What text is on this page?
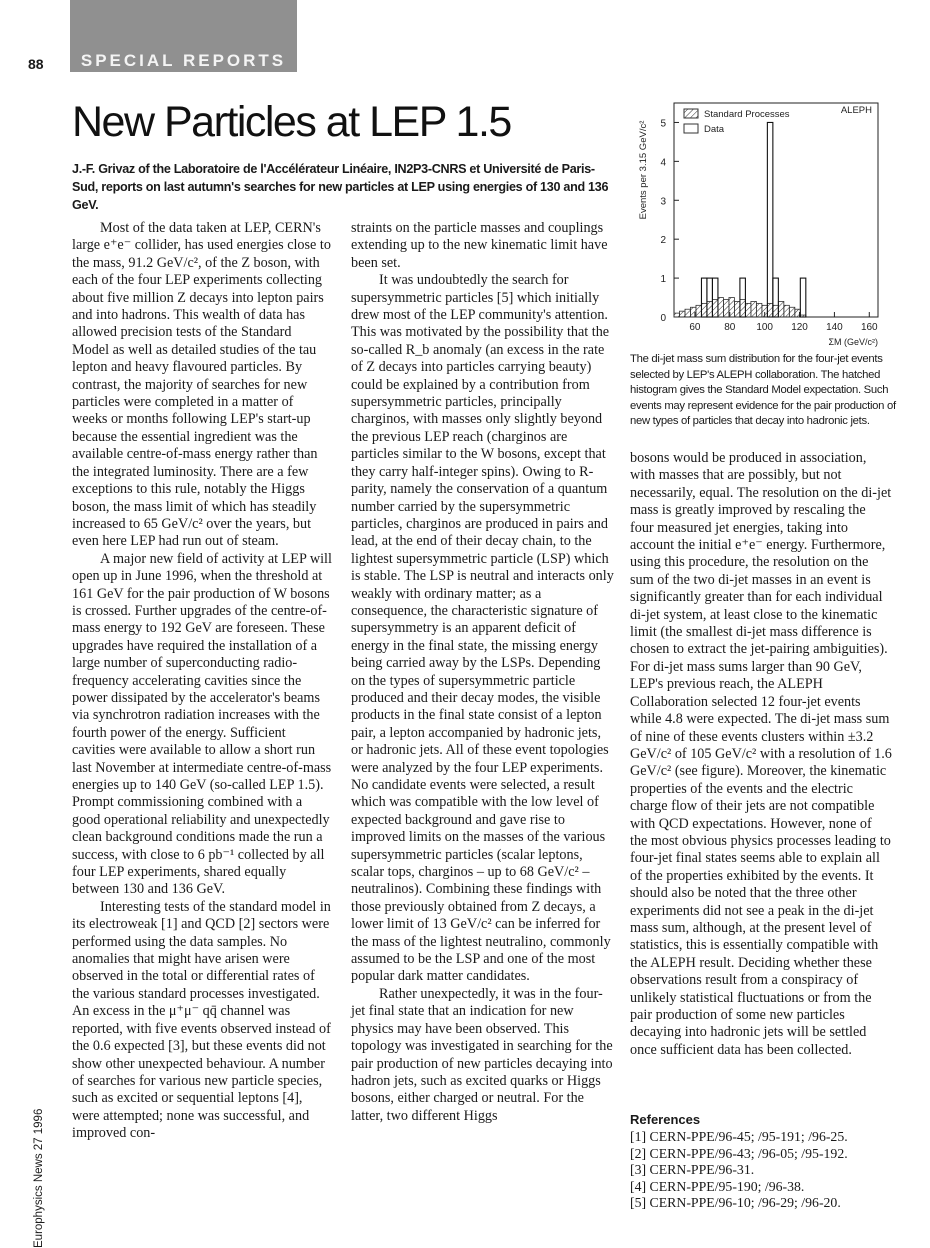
88	SPECIAL REPORTS
New Particles at LEP 1.5

J.-F. Grivaz of the Laboratoire de l'Accélérateur Linéaire, IN2P3-CNRS et Université de Paris-Sud, reports on last autumn's searches for new particles at LEP using energies of 130 and 136 GeV.

0
1
2
3
4
5
60 80 100 120 140 160
Standard Processes
Data
ALEPH
ΣM (GeV/c²)
Events per 3.15 GeV/c²

The di-jet mass sum distribution for the four-jet events selected by LEP's ALEPH collaboration. The hatched histogram gives the Standard Model expectation. Such events may represent evidence for the pair production of new types of particles that decay into hadronic jets.

Most of the data taken at LEP, CERN's large e⁺e⁻ collider, has used energies close to the mass, 91.2 GeV/c², of the Z boson, with each of the four LEP experiments collecting about five million Z decays into lepton pairs and into hadrons. This wealth of data has allowed precision tests of the Standard Model as well as detailed studies of the tau lepton and heavy flavoured particles. By contrast, the majority of searches for new particles were completed in a matter of weeks or months following LEP's start-up because the essential ingredient was the available centre-of-mass energy rather than the integrated luminosity. There are a few exceptions to this rule, notably the Higgs boson, the mass limit of which has steadily increased to 65 GeV/c² over the years, but even here LEP had run out of steam.

A major new field of activity at LEP will open up in June 1996, when the threshold at 161 GeV for the pair production of W bosons is crossed. Further upgrades of the centre-of-mass energy to 192 GeV are foreseen. These upgrades have required the installation of a large number of superconducting radio-frequency accelerating cavities since the power dissipated by the accelerator's beams via synchrotron radiation increases with the fourth power of the energy. Sufficient cavities were available to allow a short run last November at intermediate centre-of-mass energies up to 140 GeV (so-called LEP 1.5). Prompt commissioning combined with a good operational reliability and unexpectedly clean background conditions made the run a success, with close to 6 pb⁻¹ collected by all four LEP experiments, shared equally between 130 and 136 GeV.

Interesting tests of the standard model in its electroweak [1] and QCD [2] sectors were performed using the data samples. No anomalies that might have arisen were observed in the total or differential rates of the various standard processes investigated. An excess in the μ⁺μ⁻ qq̄ channel was reported, with five events observed instead of the 0.6 expected [3], but these events did not show other unexpected behaviour. A number of searches for various new particle species, such as excited or sequential leptons [4], were attempted; none was successful, and improved con-

straints on the particle masses and couplings extending up to the new kinematic limit have been set.

It was undoubtedly the search for supersymmetric particles [5] which initially drew most of the LEP community's attention. This was motivated by the possibility that the so-called R_b anomaly (an excess in the rate of Z decays into particles carrying beauty) could be explained by a contribution from supersymmetric particles, principally charginos, with masses only slightly beyond the previous LEP reach (charginos are particles similar to the W bosons, except that they carry half-integer spins). Owing to R-parity, namely the conservation of a quantum number carried by the supersymmetric particles, charginos are produced in pairs and lead, at the end of their decay chain, to the lightest supersymmetric particle (LSP) which is stable. The LSP is neutral and interacts only weakly with ordinary matter; as a consequence, the characteristic signature of supersymmetry is an apparent deficit of energy in the final state, the missing energy being carried away by the LSPs. Depending on the types of supersymmetric particle produced and their decay modes, the visible products in the final state consist of a lepton pair, a lepton accompanied by hadronic jets, or hadronic jets. All of these event topologies were analyzed by the four LEP experiments. No candidate events were selected, a result which was compatible with the low level of expected background and gave rise to improved limits on the masses of the various supersymmetric particles (scalar leptons, scalar tops, charginos – up to 68 GeV/c² – neutralinos). Combining these findings with those previously obtained from Z decays, a lower limit of 13 GeV/c² can be inferred for the mass of the lightest neutralino, commonly assumed to be the LSP and one of the most popular dark matter candidates.

Rather unexpectedly, it was in the four-jet final state that an indication for new physics may have been observed. This topology was investigated in searching for the pair production of new particles decaying into hadron jets, such as excited quarks or Higgs bosons, either charged or neutral. For the latter, two different Higgs

bosons would be produced in association, with masses that are possibly, but not necessarily, equal. The resolution on the di-jet mass is greatly improved by rescaling the four measured jet energies, taking into account the initial e⁺e⁻ energy. Furthermore, using this procedure, the resolution on the sum of the two di-jet masses in an event is significantly greater than for each individual di-jet system, at least close to the kinematic limit (the smallest di-jet mass difference is chosen to extract the jet-pairing ambiguities). For di-jet mass sums larger than 90 GeV, LEP's previous reach, the ALEPH Collaboration selected 12 four-jet events while 4.8 were expected. The di-jet mass sum of nine of these events clusters within ±3.2 GeV/c² of 105 GeV/c² with a resolution of 1.6 GeV/c² (see figure). Moreover, the kinematic properties of the events and the electric charge flow of their jets are not compatible with QCD expectations. However, none of the most obvious physics processes leading to four-jet final states seems able to explain all of the properties exhibited by the events. It should also be noted that the three other experiments did not see a peak in the di-jet mass sum, although, at the present level of statistics, this is essentially compatible with the ALEPH result. Deciding whether these observations result from a conspiracy of unlikely statistical fluctuations or from the pair production of some new particles decaying into hadronic jets will be settled once sufficient data has been collected.

References
[1] CERN-PPE/96-45; /95-191; /96-25.
[2] CERN-PPE/96-43; /96-05; /95-192.
[3] CERN-PPE/96-31.
[4] CERN-PPE/95-190; /96-38.
[5] CERN-PPE/96-10; /96-29; /96-20.
Europhysics News 27 1996
